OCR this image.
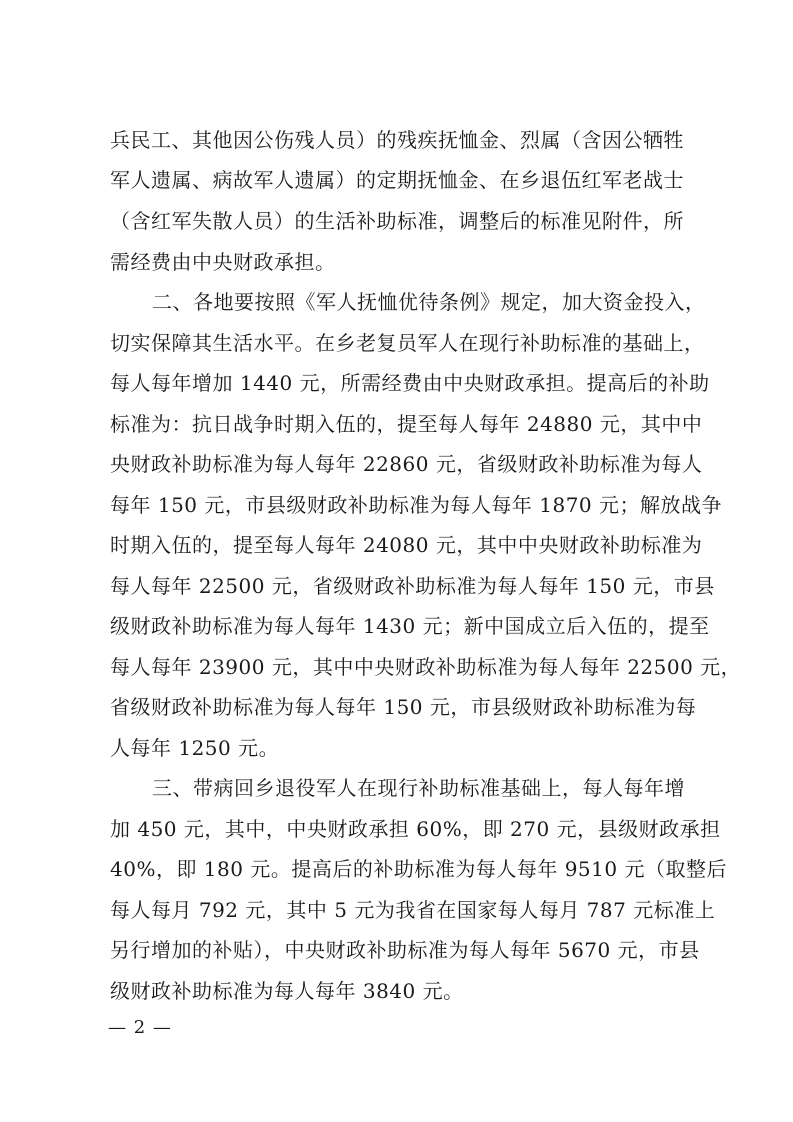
兵民工、其他因公伤残人员）的残疾抚恤金、烈属（含因公牺牲
军人遗属、病故军人遗属）的定期抚恤金、在乡退伍红军老战士
（含红军失散人员）的生活补助标准，调整后的标准见附件，所
需经费由中央财政承担。
二、各地要按照《军人抚恤优待条例》规定，加大资金投入，
切实保障其生活水平。在乡老复员军人在现行补助标准的基础上，
每人每年增加 1440 元，所需经费由中央财政承担。提高后的补助
标准为：抗日战争时期入伍的，提至每人每年 24880 元，其中中
央财政补助标准为每人每年 22860 元，省级财政补助标准为每人
每年 150 元，市县级财政补助标准为每人每年 1870 元；解放战争
时期入伍的，提至每人每年 24080 元，其中中央财政补助标准为
每人每年 22500 元，省级财政补助标准为每人每年 150 元，市县
级财政补助标准为每人每年 1430 元；新中国成立后入伍的，提至
每人每年 23900 元，其中中央财政补助标准为每人每年 22500 元，
省级财政补助标准为每人每年 150 元，市县级财政补助标准为每
人每年 1250 元。
三、带病回乡退役军人在现行补助标准基础上，每人每年增
加 450 元，其中，中央财政承担 60%，即 270 元，县级财政承担
40%，即 180 元。提高后的补助标准为每人每年 9510 元（取整后
每人每月 792 元，其中 5 元为我省在国家每人每月 787 元标准上
另行增加的补贴），中央财政补助标准为每人每年 5670 元，市县
级财政补助标准为每人每年 3840 元。
— 2 —
